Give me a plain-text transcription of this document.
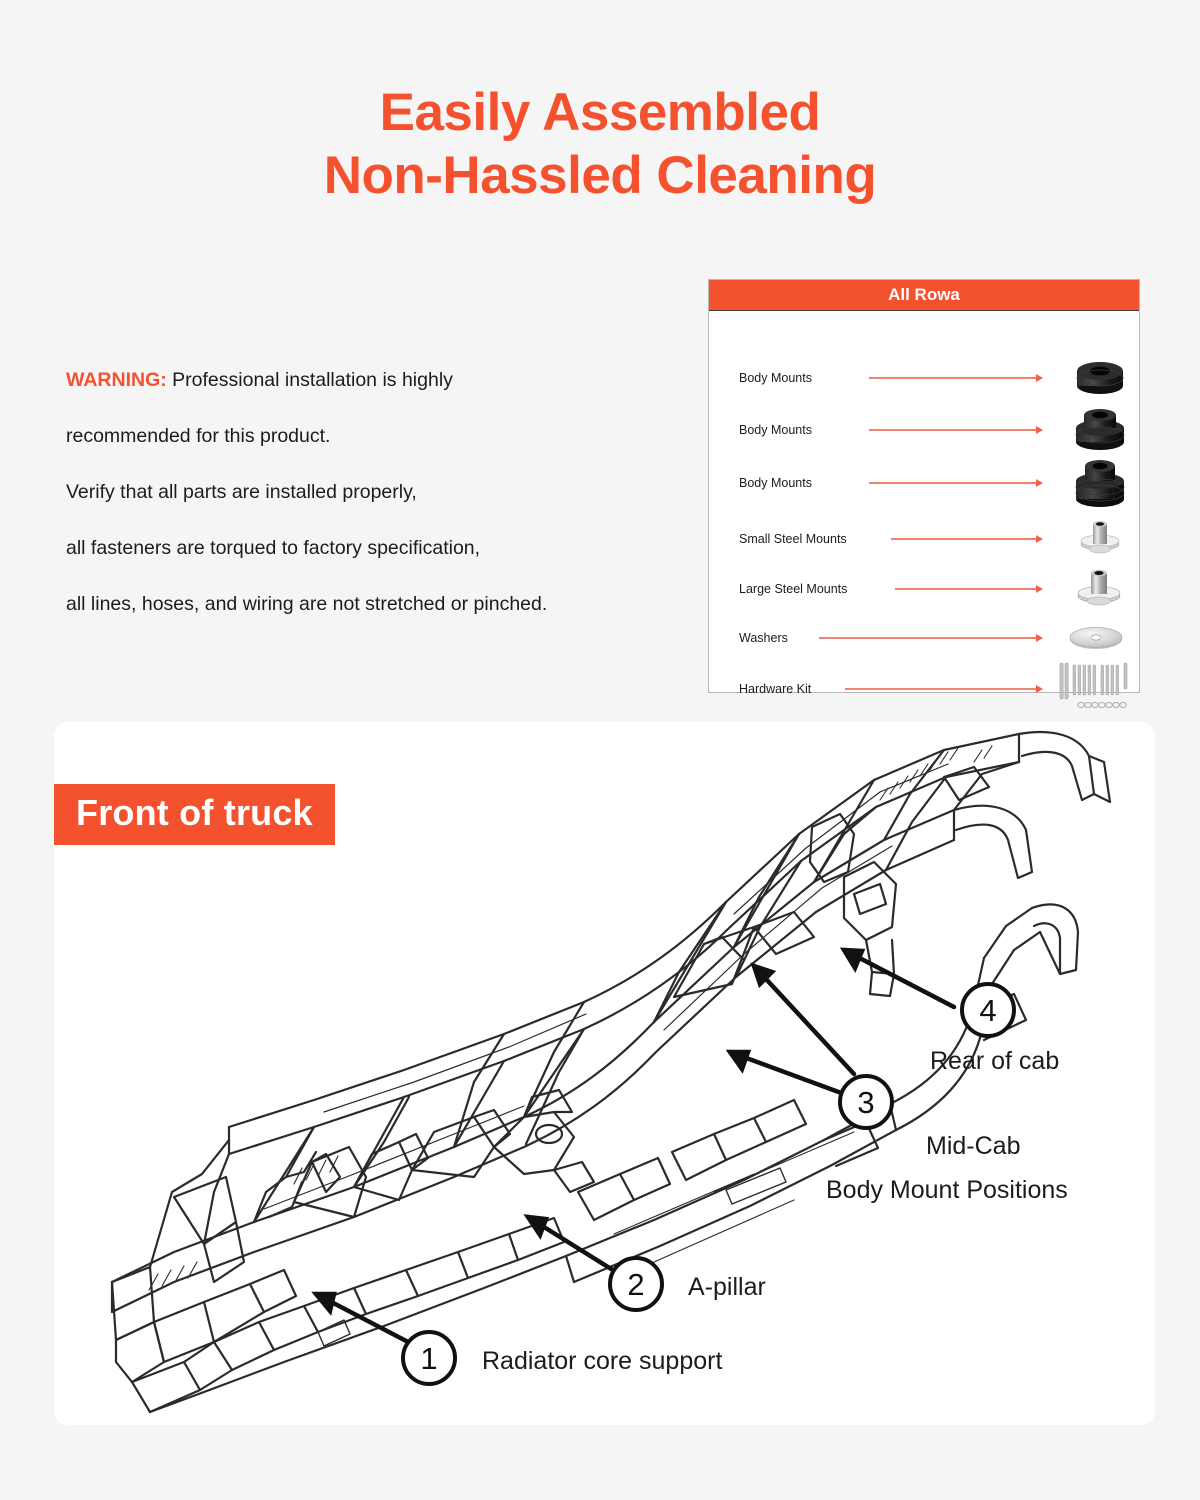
Easily Assembled
Non-Hassled Cleaning
WARNING: Professional installation is highly
recommended for this product.
Verify that all parts are installed properly,
all fasteners are torqued to factory specification,
all lines, hoses, and wiring are not stretched or pinched.
All Rowa
Body Mounts
Body Mounts
Body Mounts
Small Steel Mounts
Large Steel Mounts
Washers
Hardware Kit
1
2
3
4
Radiator core support
A-pillar
Mid-Cab
Body Mount Positions
Rear of cab
Front of truck
